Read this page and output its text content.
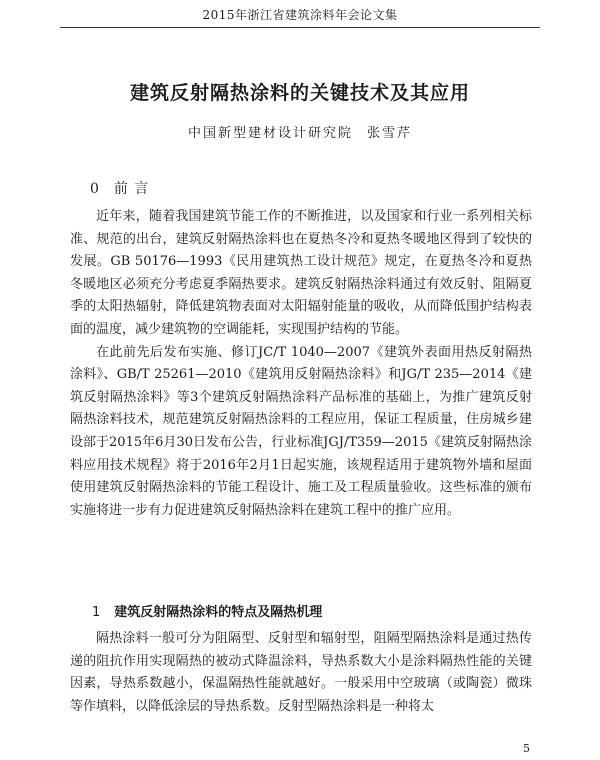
2015年浙江省建筑涂料年会论文集
建筑反射隔热涂料的关键技术及其应用
中国新型建材设计研究院 张雪芹
0 前 言

近年来，随着我国建筑节能工作的不断推进，以及国家和行业一系列相关标准、规范的出台，建筑反射隔热涂料也在夏热冬冷和夏热冬暖地区得到了较快的发展。GB 50176—1993《民用建筑热工设计规范》规定，在夏热冬冷和夏热冬暖地区必须充分考虑夏季隔热要求。建筑反射隔热涂料通过有效反射、阻隔夏季的太阳热辐射，降低建筑物表面对太阳辐射能量的吸收，从而降低围护结构表面的温度，减少建筑物的空调能耗，实现围护结构的节能。

在此前先后发布实施、修订JC/T 1040—2007《建筑外表面用热反射隔热涂料》、GB/T 25261—2010《建筑用反射隔热涂料》和JG/T 235—2014《建筑反射隔热涂料》等3个建筑反射隔热涂料产品标准的基础上，为推广建筑反射隔热涂料技术，规范建筑反射隔热涂料的工程应用，保证工程质量，住房城乡建设部于2015年6月30日发布公告，行业标准JGJ/T359—2015《建筑反射隔热涂料应用技术规程》将于2016年2月1日起实施，该规程适用于建筑物外墙和屋面使用建筑反射隔热涂料的节能工程设计、施工及工程质量验收。这些标准的颁布实施将进一步有力促进建筑反射隔热涂料在建筑工程中的推广应用。

1 建筑反射隔热涂料的特点及隔热机理

隔热涂料一般可分为阻隔型、反射型和辐射型，阻隔型隔热涂料是通过热传递的阻抗作用实现隔热的被动式降温涂料，导热系数大小是涂料隔热性能的关键因素，导热系数越小，保温隔热性能就越好。一般采用中空玻璃（或陶瓷）微珠等作填料，以降低涂层的导热系数。反射型隔热涂料是一种将太

5
